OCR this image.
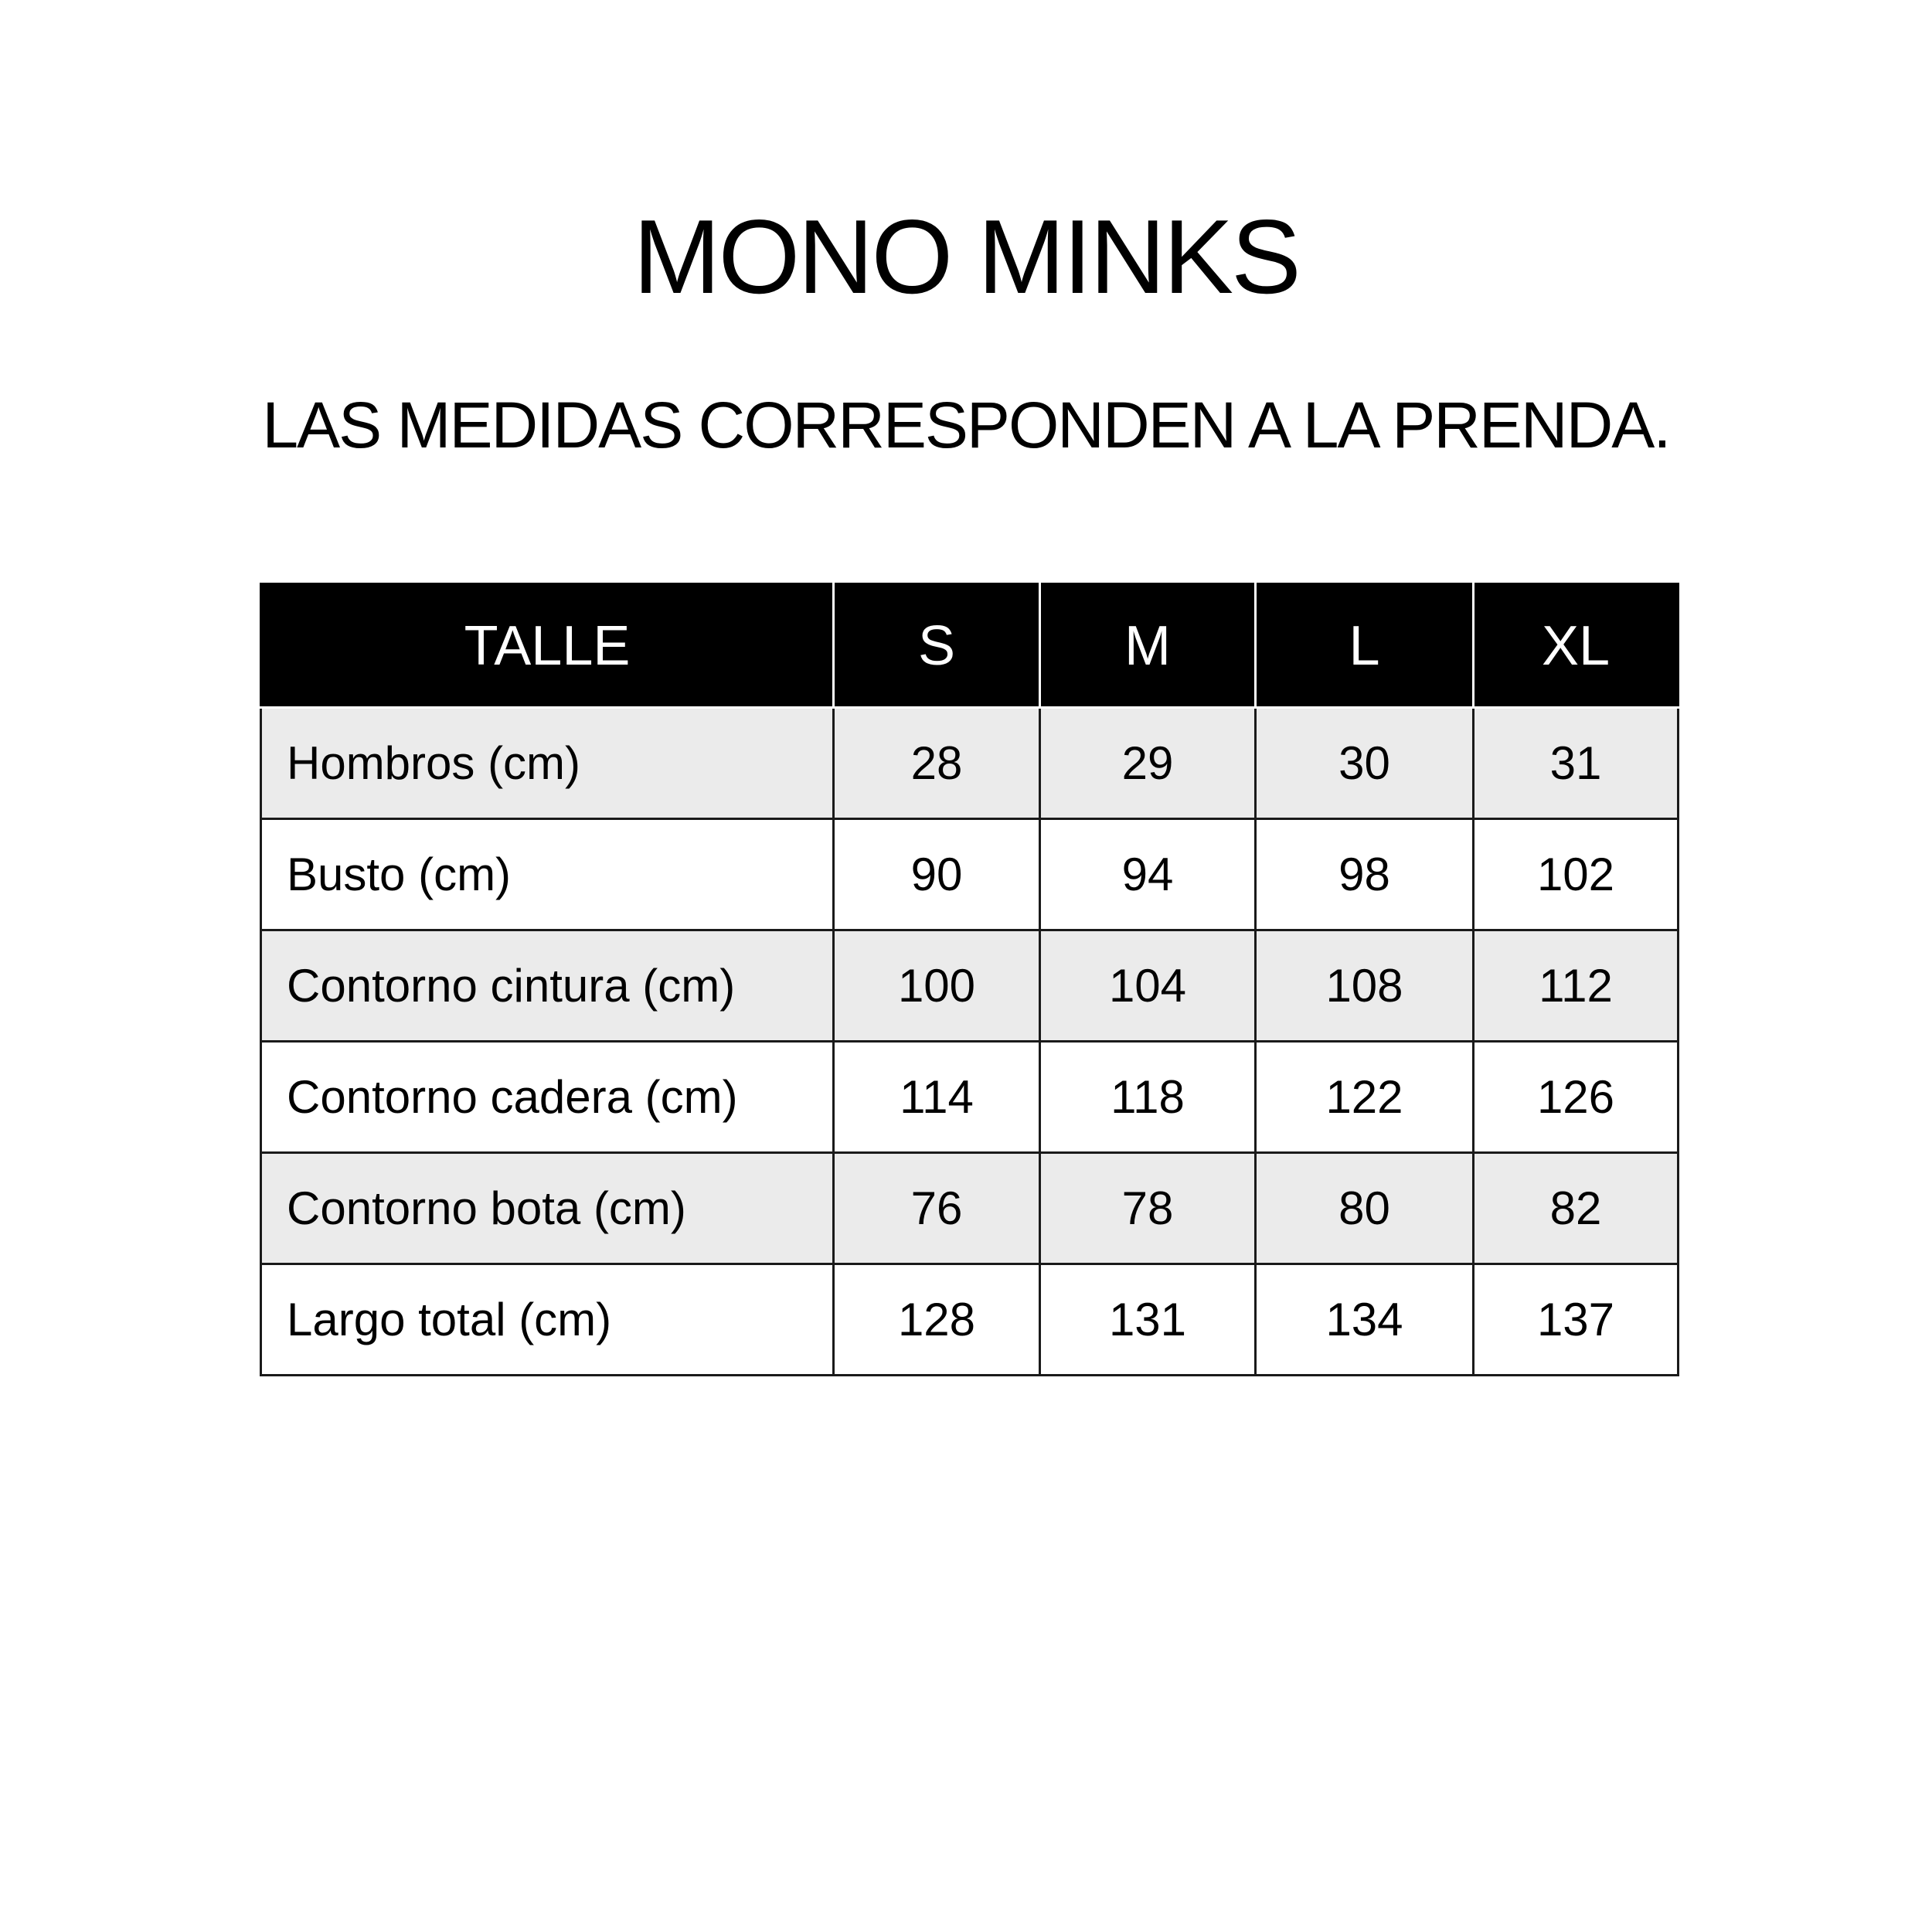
MONO MINKS
LAS MEDIDAS CORRESPONDEN A LA PRENDA.
TALLE	S	M	L	XL
Hombros (cm)	28	29	30	31
Busto (cm)	90	94	98	102
Contorno cintura (cm)	100	104	108	112
Contorno cadera (cm)	114	118	122	126
Contorno bota (cm)	76	78	80	82
Largo total (cm)	128	131	134	137
